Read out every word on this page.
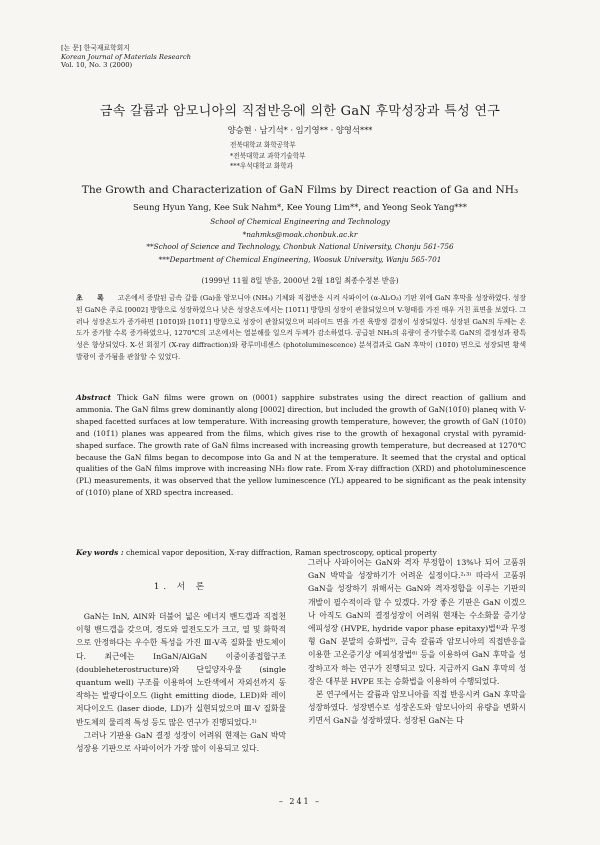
[논 문] 한국재료학회지
Korean Journal of Materials Research
Vol. 10, No. 3 (2000)
금속 갈륨과 암모니아의 직접반응에 의한 GaN 후막성장과 특성 연구
양승현 · 남기석* · 임기영** · 양영석***
전북대학교 화학공학부
*전북대학교 과학기술학부
***우석대학교 화학과
The Growth and Characterization of GaN Films by Direct reaction of Ga and NH₃
Seung Hyun Yang, Kee Suk Nahm*, Kee Young Lim**, and Yeong Seok Yang***
School of Chemical Engineering and Technology
*nahmks@moak.chonbuk.ac.kr
**School of Science and Technology, Chonbuk National University, Chonju 561-756
***Department of Chemical Engineering, Woosuk University, Wanju 565-701
(1999년 11월 8일 받음, 2000년 2월 18일 최종수정본 받음)
초 록 고온에서 증발된 금속 갈륨 (Ga)을 암모니아 (NH₃) 기체와 직접반응 시켜 사파이어 (α-Al₂O₃) 기판 위에 GaN 후막을 성장하였다. 성장된 GaN은 주로 [0002] 방향으로 성장하였으나 낮은 성장온도에서는 [101̄1] 방향의 성장이 관찰되었으며 V-형태를 가진 매우 거친 표면을 보였다. 그러나 성장온도가 증가하면 [101̄0]와 [101̄1] 방향으로 성장이 관찰되었으며 피라미드 면을 가진 육방정 결정이 성장되었다. 성장된 GaN의 두께는 온도가 증가할 수록 증가하였으나, 1270℃의 고온에서는 열분해를 일으켜 두께가 감소하였다. 공급된 NH₃의 유량이 증가할수록 GaN의 결정성과 광특성은 향상되었다. X-선 회절기 (X-ray diffraction)와 광루미네센스 (photoluminescence) 분석결과로 GaN 후막이 (101̄0) 면으로 성장되면 황색발광이 증가됨을 관찰할 수 있었다.
Abstract Thick GaN films were grown on (0001) sapphire substrates using the direct reaction of gallium and ammonia. The GaN films grew dominantly along [0002] direction, but included the growth of GaN(101̄0) planeq with V-shaped facetted surfaces at low temperature. With increasing growth temperature, however, the growth of GaN (101̄0) and (101̄1) planes was appeared from the films, which gives rise to the growth of hexagonal crystal with pyramid-shaped surface. The growth rate of GaN films increased with increasing growth temperature, but decreased at 1270℃ because the GaN films began to decompose into Ga and N at the temperature. It seemed that the crystal and optical qualities of the GaN films improve with increasing NH₃ flow rate. From X-ray diffraction (XRD) and photoluminescence (PL) measurements, it was observed that the yellow luminescence (YL) appeared to be significant as the peak intensity of (101̄0) plane of XRD spectra increased.
Key words : chemical vapor deposition, X-ray diffraction, Raman spectroscopy, optical property
1. 서 론

GaN는 InN, AlN와 더불어 넓은 에너지 밴드갭과 직접천이형 밴드갭을 갖으며, 경도와 열전도도가 크고, 열 및 화학적으로 안정하다는 우수한 특성을 가진 Ⅲ-V족 질화물 반도체이다. 최근에는 InGaN/AlGaN 이중이종접합구조 (doubleheterostructure)와 단일양자우물 (single quantum well) 구조를 이용하여 노란색에서 자외선까지 동작하는 발광다이오드 (light emitting diode, LED)와 레이저다이오드 (laser diode, LD)가 실현되었으며 Ⅲ-V 질화물 반도체의 물리적 특성 등도 많은 연구가 진행되었다.¹⁾

그러나 기판용 GaN 결정 성장이 어려워 현재는 GaN 박막 성장용 기판으로 사파이어가 가장 많이 이용되고 있다.

그러나 사파이어는 GaN와 격자 부정합이 13%나 되어 고품위 GaN 박막을 성장하기가 어려운 실정이다.²˒³⁾ 따라서 고품위 GaN을 성장하기 위해서는 GaN와 격자정합을 이루는 기판의 개발이 필수적이라 할 수 있겠다. 가장 좋은 기판은 GaN 이겠으나 아직도 GaN의 결정성장이 어려워 현재는 수소화물 증기상 에피성장 (HVPE, hydride vapor phase epitaxy)법⁴⁾과 무정형 GaN 분말의 승화법⁵⁾, 금속 갈륨과 암모니아의 직접반응을 이용한 고온증기상 에피성장법⁶⁾ 등을 이용하여 GaN 후막을 성장하고자 하는 연구가 진행되고 있다. 지금까지 GaN 후막의 성장은 대부분 HVPE 또는 승화법을 이용하여 수행되었다.

본 연구에서는 갈륨과 암모니아를 직접 반응시켜 GaN 후막을 성장하였다. 성장변수로 성장온도와 암모니아의 유량을 변화시키면서 GaN을 성장하였다. 성장된 GaN는 다

– 241 –
